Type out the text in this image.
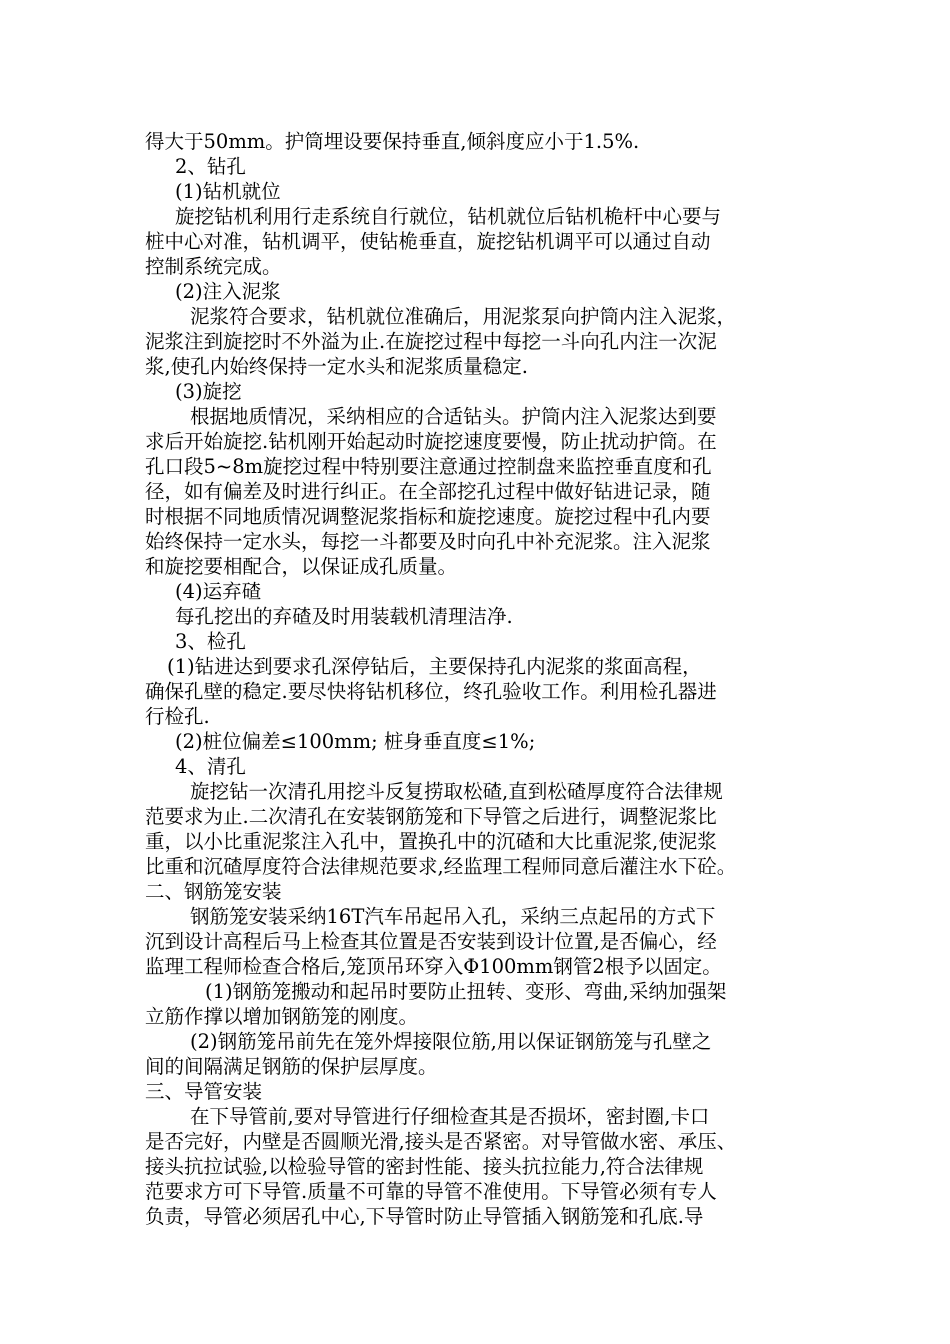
得大于50mm。护筒埋设要保持垂直,倾斜度应小于1.5%.
2、钻孔
(1)钻机就位
旋挖钻机利用行走系统自行就位，钻机就位后钻机桅杆中心要与
桩中心对准，钻机调平，使钻桅垂直，旋挖钻机调平可以通过自动
控制系统完成。
(2)注入泥浆
泥浆符合要求，钻机就位准确后，用泥浆泵向护筒内注入泥浆，
泥浆注到旋挖时不外溢为止.在旋挖过程中每挖一斗向孔内注一次泥
浆,使孔内始终保持一定水头和泥浆质量稳定.
(3)旋挖
根据地质情况，采纳相应的合适钻头。护筒内注入泥浆达到要
求后开始旋挖.钻机刚开始起动时旋挖速度要慢，防止扰动护筒。在
孔口段5~8m旋挖过程中特别要注意通过控制盘来监控垂直度和孔
径，如有偏差及时进行纠正。在全部挖孔过程中做好钻进记录，随
时根据不同地质情况调整泥浆指标和旋挖速度。旋挖过程中孔内要
始终保持一定水头，每挖一斗都要及时向孔中补充泥浆。注入泥浆
和旋挖要相配合，以保证成孔质量。
(4)运弃碴
每孔挖出的弃碴及时用装载机清理洁净.
3、检孔
(1)钻进达到要求孔深停钻后，主要保持孔内泥浆的浆面高程，
确保孔壁的稳定.要尽快将钻机移位，终孔验收工作。利用检孔器进
行检孔.
(2)桩位偏差≤100mm; 桩身垂直度≤1%;
4、清孔
旋挖钻一次清孔用挖斗反复捞取松碴,直到松碴厚度符合法律规
范要求为止.二次清孔在安装钢筋笼和下导管之后进行，调整泥浆比
重，以小比重泥浆注入孔中，置换孔中的沉碴和大比重泥浆,使泥浆
比重和沉碴厚度符合法律规范要求,经监理工程师同意后灌注水下砼。
二、钢筋笼安装
钢筋笼安装采纳16T汽车吊起吊入孔，采纳三点起吊的方式下
沉到设计高程后马上检查其位置是否安装到设计位置,是否偏心，经
监理工程师检查合格后,笼顶吊环穿入Φ100mm钢管2根予以固定。
(1)钢筋笼搬动和起吊时要防止扭转、变形、弯曲,采纳加强架
立筋作撑以增加钢筋笼的刚度。
(2)钢筋笼吊前先在笼外焊接限位筋,用以保证钢筋笼与孔壁之
间的间隔满足钢筋的保护层厚度。
三、导管安装
在下导管前,要对导管进行仔细检查其是否损坏，密封圈,卡口
是否完好，内壁是否圆顺光滑,接头是否紧密。对导管做水密、承压、
接头抗拉试验,以检验导管的密封性能、接头抗拉能力,符合法律规
范要求方可下导管.质量不可靠的导管不准使用。下导管必须有专人
负责，导管必须居孔中心,下导管时防止导管插入钢筋笼和孔底.导
